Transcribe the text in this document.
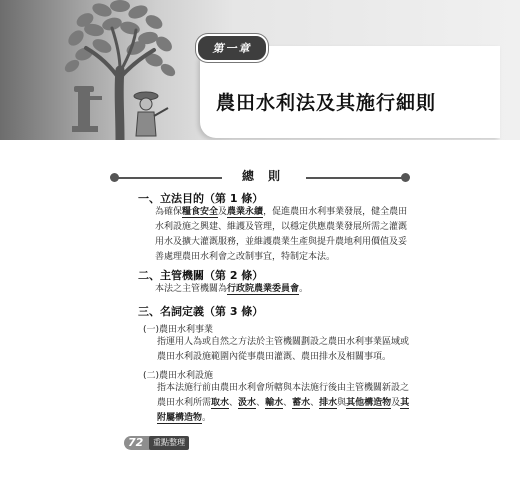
第一章
農田水利法及其施行細則
總則
一、立法目的（第 1 條）
為確保糧食安全及農業永續，促進農田水利事業發展，健全農田
水利設施之興建、維護及管理，以穩定供應農業發展所需之灌溉
用水及擴大灌溉服務，並維護農業生產與提升農地利用價值及妥
善處理農田水利會之改制事宜，特制定本法。
二、主管機關（第 2 條）
本法之主管機關為行政院農業委員會。
三、名詞定義（第 3 條）
(一)農田水利事業
指運用人為或自然之方法於主管機關劃設之農田水利事業區域或
農田水利設施範圍內從事農田灌溉、農田排水及相關事項。
(二)農田水利設施
指本法施行前由農田水利會所轄與本法施行後由主管機關新設之
農田水利所需取水、汲水、輸水、蓄水、排水與其他構造物及其
附屬構造物。
72	重點整理
